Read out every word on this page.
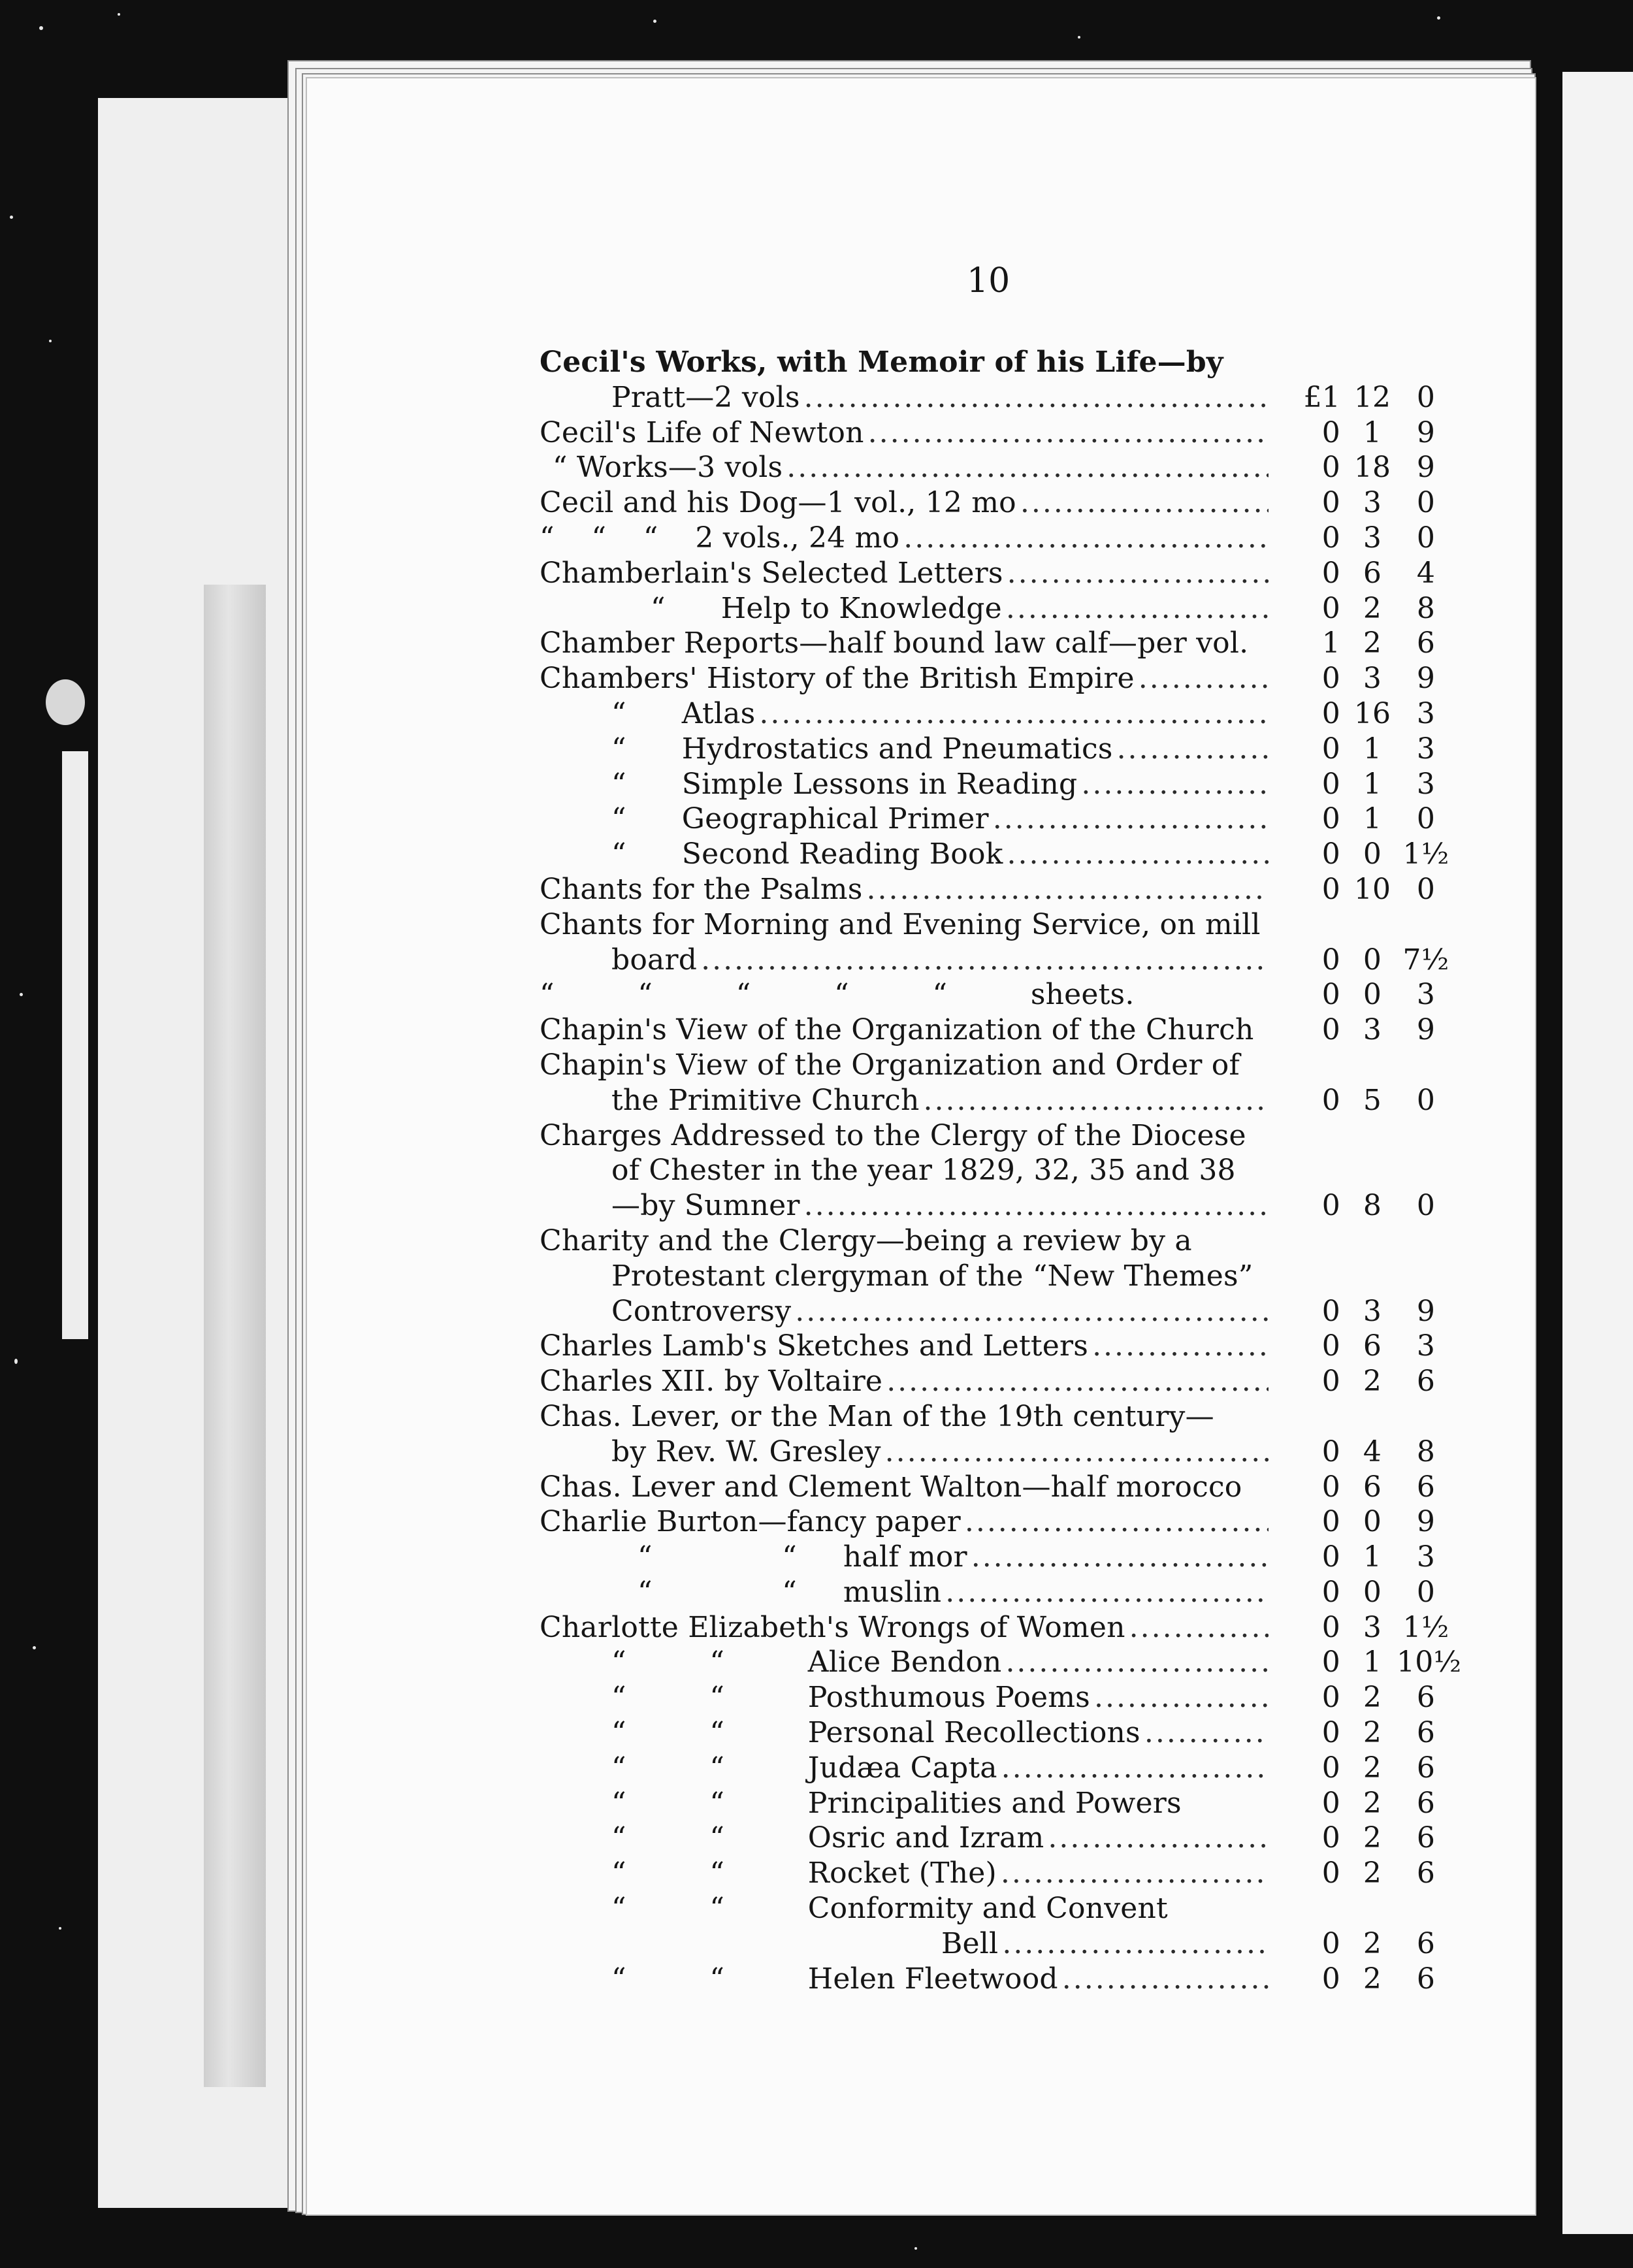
10
Cecil's Works, with Memoir of his Life—by
Pratt—2 vols .....	£1 12 0
Cecil's Life of Newton .....	0 1	9
“ Works—3 vols .....	0 18 9
Cecil and his Dog—1 vol., 12 mo .....	0 3	0
“    “    “    2 vols., 24 mo .....	0 3	0
Chamberlain's Selected Letters .....	0 6	4
“      Help to Knowledge .....	0 2	8
Chamber Reports—half bound law calf—per vol.	1 2	6
Chambers' History of the British Empire .....	0 3	9
“      Atlas .....	0 16 3
“      Hydrostatics and Pneumatics .....	0 1	3
“      Simple Lessons in Reading .....	0 1	3
“      Geographical Primer .....	0 1	0
“      Second Reading Book .....	0 0 1½
Chants for the Psalms .....	0 10 0
Chants for Morning and Evening Service, on mill
board .....	0 0 7½
“         “         “         “         “         sheets.	0 0	3
Chapin's View of the Organization of the Church	0 3	9
Chapin's View of the Organization and Order of
the Primitive Church .....	0 5	0
Charges Addressed to the Clergy of the Diocese
of Chester in the year 1829, 32, 35 and 38
—by Sumner .....	0 8	0
Charity and the Clergy—being a review by a
Protestant clergyman of the “New Themes”
Controversy .....	0 3	9
Charles Lamb's Sketches and Letters .....	0 6	3
Charles XII. by Voltaire .....	0 2	6
Chas. Lever, or the Man of the 19th century—
by Rev. W. Gresley .....	0 4	8
Chas. Lever and Clement Walton—half morocco	0 6	6
Charlie Burton—fancy paper .....	0 0	9
“              “     half mor .....	0 1	3
“              “     muslin .....	0 0	0
Charlotte Elizabeth's Wrongs of Women .....	0 3 1½
“         “         Alice Bendon .....	0 1 10½
“         “         Posthumous Poems .....	0 2	6
“         “         Personal Recollections .....	0 2	6
“         “         Judæa Capta .....	0 2	6
“         “         Principalities and Powers	0 2	6
“         “         Osric and Izram .....	0 2	6
“         “         Rocket (The) .....	0 2	6
“         “         Conformity and Convent
Bell .....	0 2	6
“         “         Helen Fleetwood .....	0 2	6
